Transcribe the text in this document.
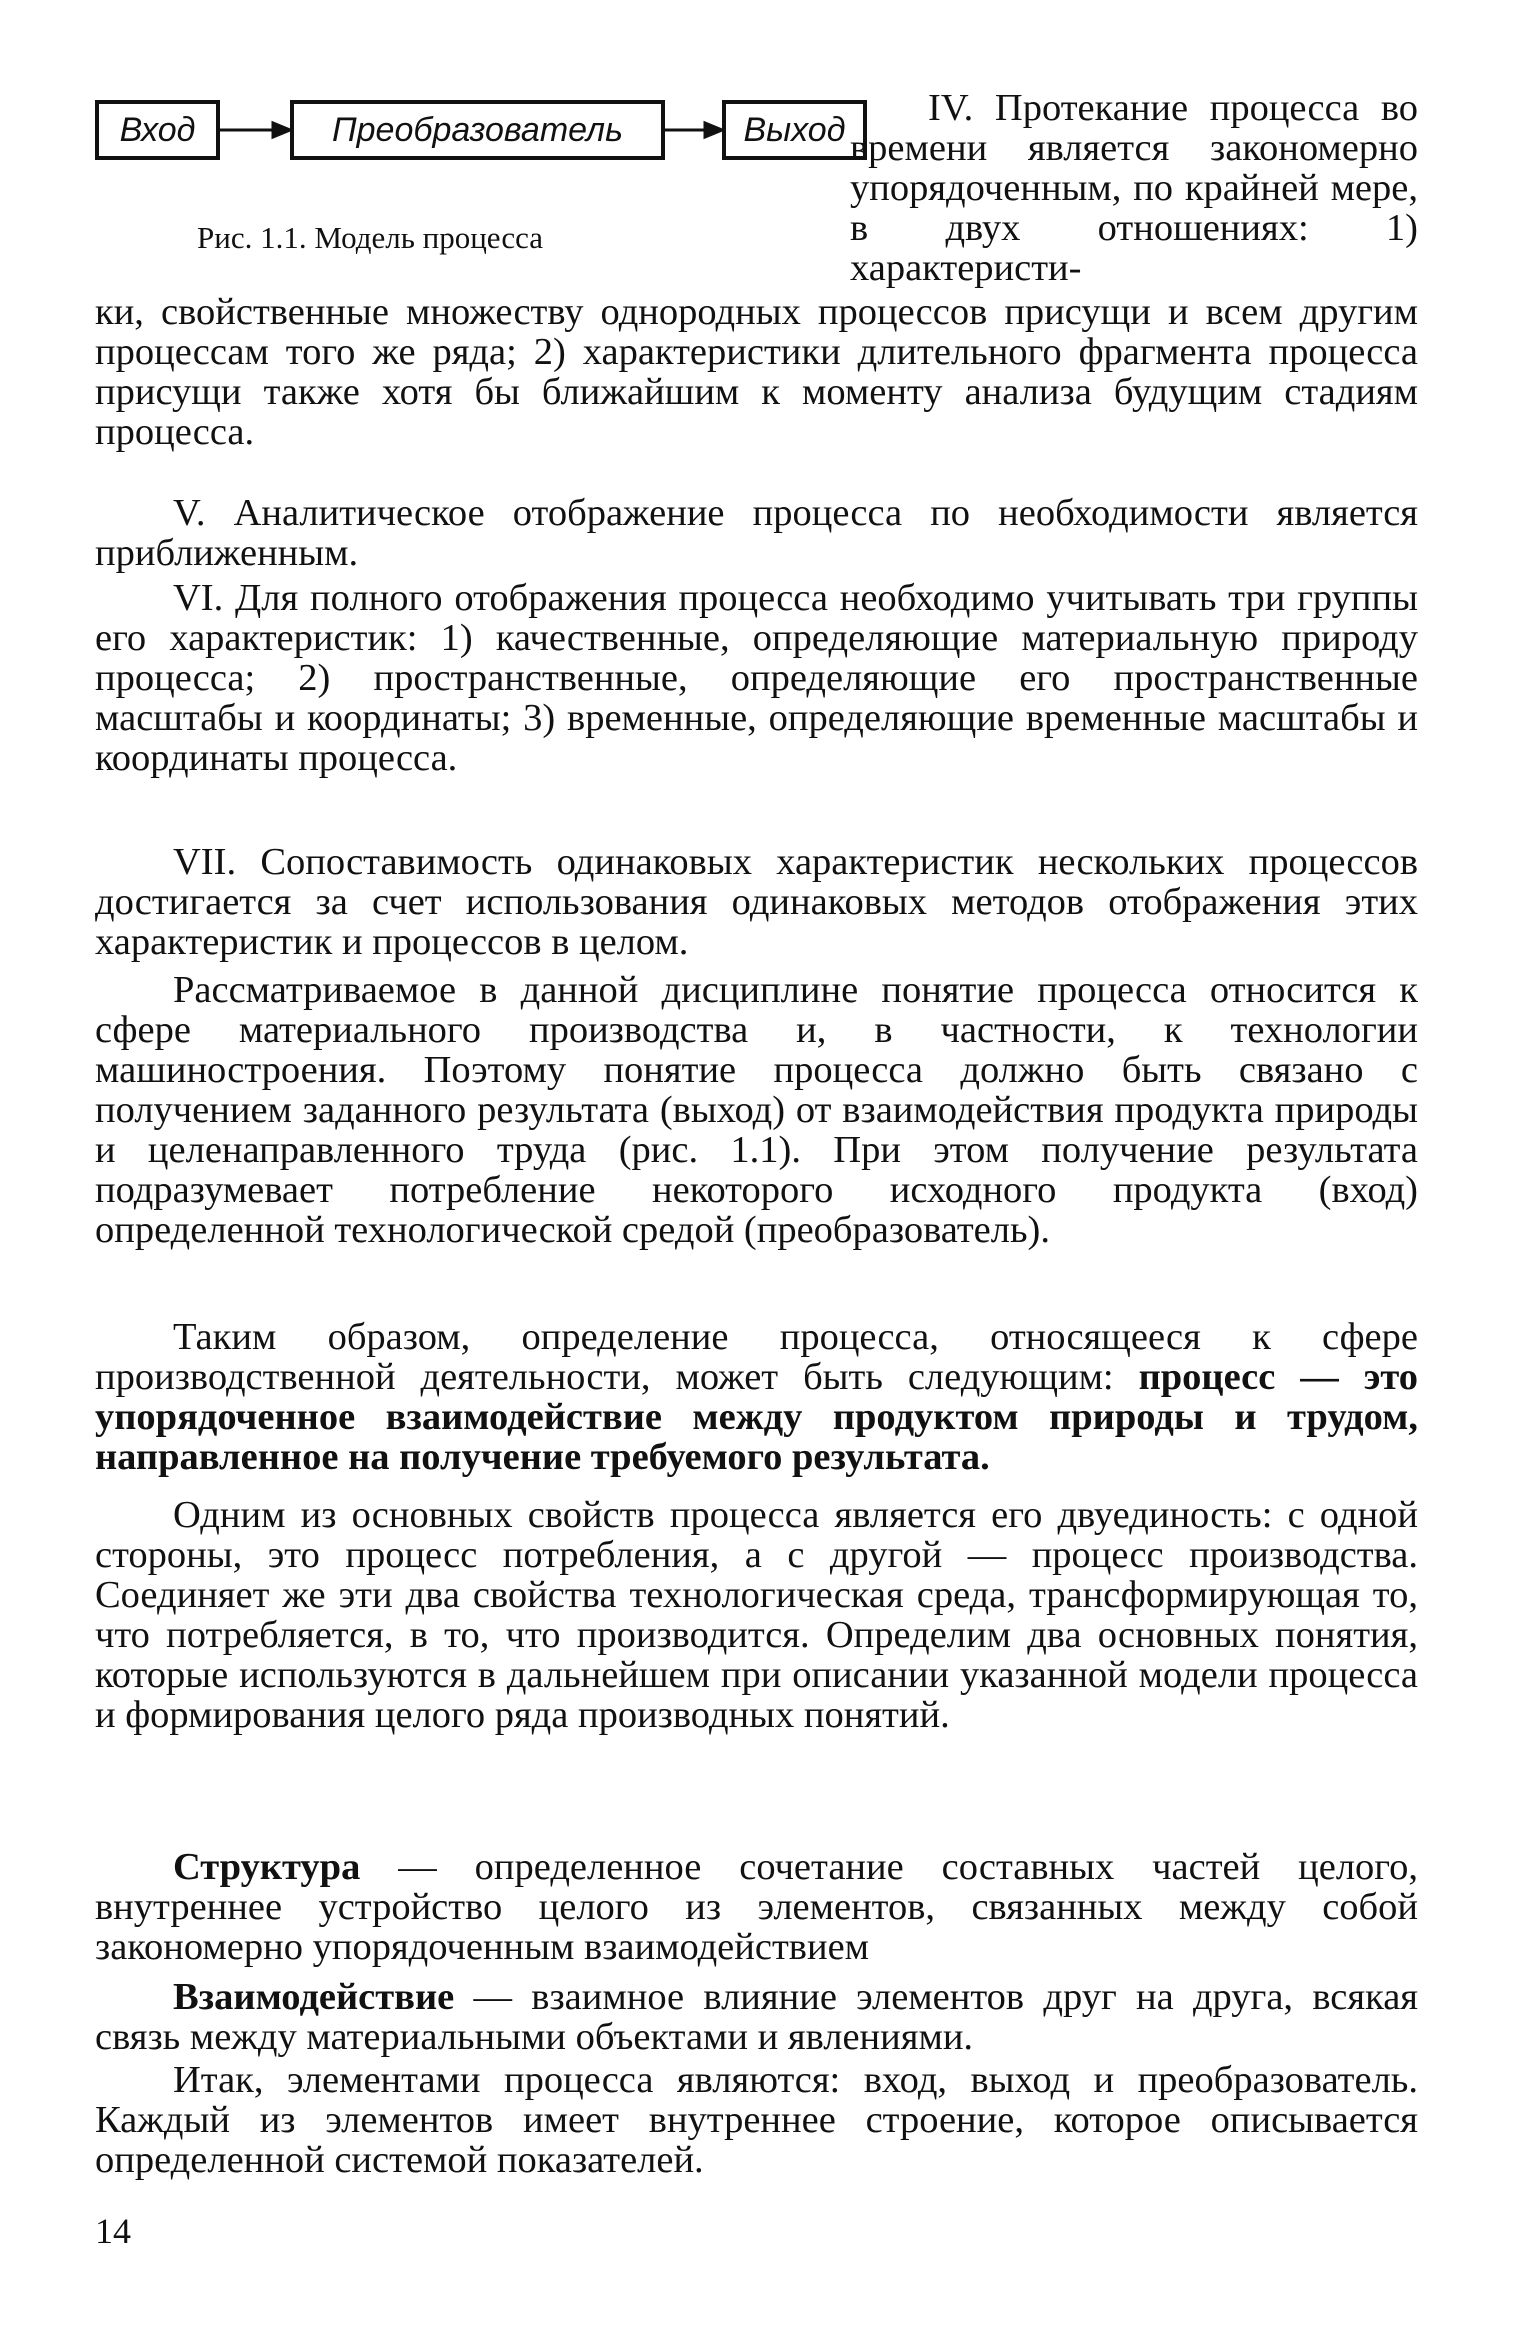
Вход	Преобразователь	Выход
Рис. 1.1. Модель процесса

IV. Протекание процесса во времени является закономерно упорядоченным, по крайней мере, в двух отношениях: 1) характеристи-

ки, свойственные множеству однородных процессов присущи и всем другим процессам того же ряда; 2) характеристики длительного фрагмента процесса присущи также хотя бы ближайшим к моменту анализа будущим стадиям процесса.

V. Аналитическое отображение процесса по необходимости является приближенным.

VI. Для полного отображения процесса необходимо учитывать три группы его характеристик: 1) качественные, определяющие материальную природу процесса; 2) пространственные, определяющие его пространственные масштабы и координаты; 3) временные, определяющие временные масштабы и координаты процесса.

VII. Сопоставимость одинаковых характеристик нескольких процессов достигается за счет использования одинаковых методов отображения этих характеристик и процессов в целом.

Рассматриваемое в данной дисциплине понятие процесса относится к сфере материального производства и, в частности, к технологии машиностроения. Поэтому понятие процесса должно быть связано с получением заданного результата (выход) от взаимодействия продукта природы и целенаправленного труда (рис. 1.1). При этом получение результата подразумевает потребление некоторого исходного продукта (вход) определенной технологической средой (преобразователь).

Таким образом, определение процесса, относящееся к сфере производственной деятельности, может быть следующим: процесс — это упорядоченное взаимодействие между продуктом природы и трудом, направленное на получение требуемого результата.

Одним из основных свойств процесса является его двуединость: с одной стороны, это процесс потребления, а с другой — процесс производства. Соединяет же эти два свойства технологическая среда, трансформирующая то, что потребляется, в то, что производится. Определим два основных понятия, которые используются в дальнейшем при описании указанной модели процесса и формирования целого ряда производных понятий.

Структура — определенное сочетание составных частей целого, внутреннее устройство целого из элементов, связанных между собой закономерно упорядоченным взаимодействием

Взаимодействие — взаимное влияние элементов друг на друга, всякая связь между материальными объектами и явлениями.

Итак, элементами процесса являются: вход, выход и преобразователь. Каждый из элементов имеет внутреннее строение, которое описывается определенной системой показателей.

14
